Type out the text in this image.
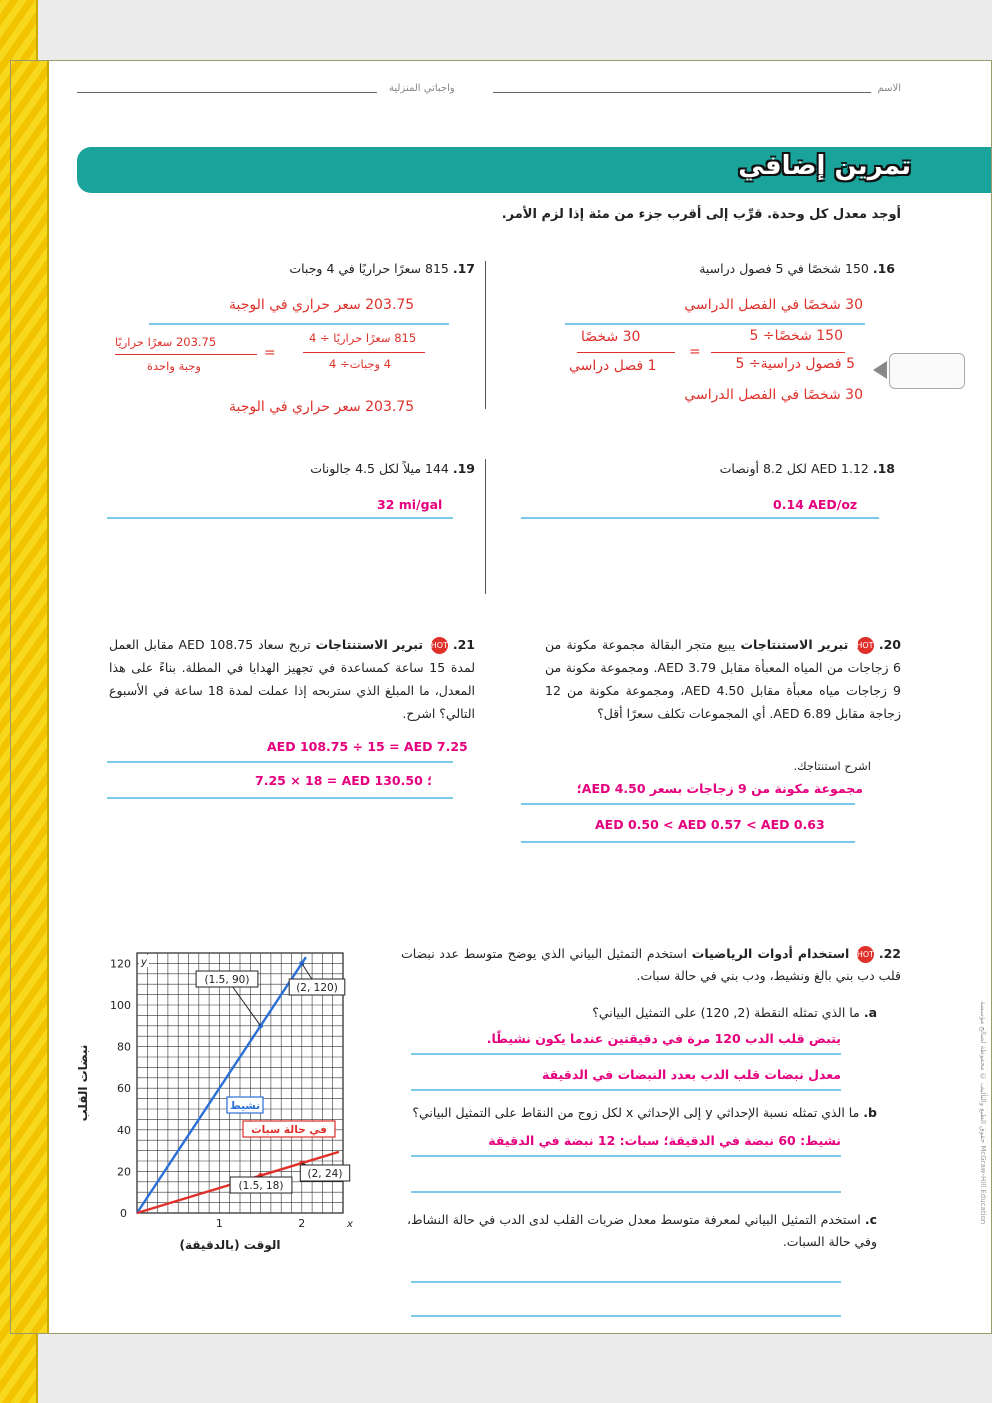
الاسم
واجباتي المنزلية
تمرين إضافي
أوجد معدل كل وحدة. قرِّب إلى أقرب جزء من مئة إذا لزم الأمر.
16. 150 شخصًا في 5 فصول دراسية
30 شخصًا في الفصل الدراسي
150 شخصًا÷ 5
5 فصول دراسية÷ 5
=
30 شخصًا
1 فصل دراسي
30 شخصًا في الفصل الدراسي
17. 815 سعرًا حراريًا في 4 وجبات
203.75 سعر حراري في الوجبة
815 سعرًا حراريًا ÷ 4
4 وجبات÷ 4
=
203.75 سعرًا حراريًا
وجبة واحدة
203.75 سعر حراري في الوجبة
18. AED 1.12 لكل 8.2 أونصات
0.14 AED/oz
19. 144 ميلاً لكل 4.5 جالونات
32 mi/gal
20. HOT تبرير الاستنتاجات يبيع متجر البقالة مجموعة مكونة من 6 زجاجات من المياه المعبأة مقابل AED 3.79. ومجموعة مكونة من 9 زجاجات مياه معبأة مقابل AED 4.50، ومجموعة مكونة من 12 زجاجة مقابل AED 6.89. أي المجموعات تكلف سعرًا أقل؟
اشرح استنتاجك.
مجموعة مكونة من 9 زجاجات بسعر AED 4.50؛
AED 0.50 < AED 0.57 < AED 0.63
21. HOT تبرير الاستنتاجات تربح سعاد AED 108.75 مقابل العمل لمدة 15 ساعة كمساعدة في تجهيز الهدايا في المطلة. بناءً على هذا المعدل، ما المبلغ الذي ستربحه إذا عملت لمدة 18 ساعة في الأسبوع التالي؟ اشرح.
AED 108.75 ÷ 15 = AED 7.25
7.25 × 18 = AED 130.50 ؛
22. HOT استخدام أدوات الرياضيات استخدم التمثيل البياني الذي يوضح متوسط عدد نبضات قلب دب بني بالغ ونشيط، ودب بني في حالة سبات.
a. ما الذي تمثله النقطة (2, 120) على التمثيل البياني؟
يتبض قلب الدب 120 مرة في دقيقتين عندما يكون نشيطًا.
معدل نبضات قلب الدب بعدد النبضات في الدقيقة
b. ما الذي تمثله نسبة الإحداثي y إلى الإحداثي x لكل زوج من النقاط على التمثيل البياني؟
نشيط: 60 نبضة في الدقيقة؛ سبات: 12 نبضة في الدقيقة
c. استخدم التمثيل البياني لمعرفة متوسط معدل ضربات القلب لدى الدب في حالة النشاط، وفي حالة السبات.
20
40
60
80
100
120
1	2
0
x
y
الوقت (بالدقيقة)
نبضات القلب
(1.5, 90)
(2, 120)
(1.5, 18)
(2, 24)
نشيط
في حالة سبات	حقوق الطبع والتأليف © محفوظة لصالح مؤسسة McGraw-Hill Education
